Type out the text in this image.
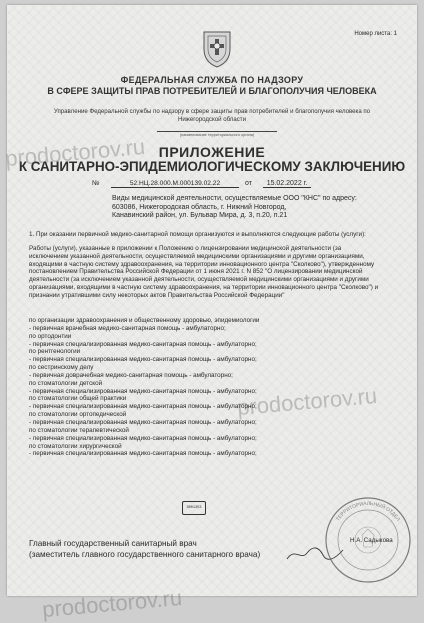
Номер листа: 1
ФЕДЕРАЛЬНАЯ СЛУЖБА ПО НАДЗОРУ
В СФЕРЕ ЗАЩИТЫ ПРАВ ПОТРЕБИТЕЛЕЙ И БЛАГОПОЛУЧИЯ ЧЕЛОВЕКА
Управление Федеральной службы по надзору в сфере защиты прав потребителей и благополучия человека по
Нижегородской области
(наименование территориального органа)
ПРИЛОЖЕНИЕ
К САНИТАРНО-ЭПИДЕМИОЛОГИЧЕСКОМУ ЗАКЛЮЧЕНИЮ
№	52.НЦ.28.000.М.000139.02.22	от	15.02.2022 г.
Виды медицинской деятельности, осуществляемые ООО "КНС" по адресу:
603086, Нижегородская область, г. Нижний Новгород,
Канавинский район, ул. Бульвар Мира, д. 3, п.20, п.21
1. При оказании первичной медико-санитарной помощи организуются и выполняются следующие работы (услуги):
Работы (услуги), указанные в приложении к Положению о лицензировании медицинской деятельности (за
исключением указанной деятельности, осуществляемой медицинскими организациями и другими организациями,
входящими в частную систему здравоохранения, на территории инновационного центра "Сколково"), утвержденному
постановлением Правительства Российской Федерации от 1 июня 2021 г. N 852 "О лицензировании медицинской
деятельности (за исключением указанной деятельности, осуществляемой медицинскими организациями и другими
организациями, входящими в частную систему здравоохранения, на территории инновационного центра "Сколково") и
признании утратившими силу некоторых актов Правительства Российской Федерации"
по организации здравоохранения и общественному здоровью, эпидемиологии
- первичная врачебная медико-санитарная помощь - амбулаторно;
по ортодонтии
- первичная специализированная медико-санитарная помощь - амбулаторно;
по рентгенологии
- первичная специализированная медико-санитарная помощь - амбулаторно;
по сестринскому делу
- первичная доврачебная медико-санитарная помощь - амбулаторно;
по стоматологии детской
- первичная специализированная медико-санитарная помощь - амбулаторно;
по стоматологии общей практики
- первичная специализированная медико-санитарная помощь - амбулаторно;
по стоматологии ортопедической
- первичная специализированная медико-санитарная помощь - амбулаторно;
по стоматологии терапевтической
- первичная специализированная медико-санитарная помощь - амбулаторно;
по стоматологии хирургической
- первичная специализированная медико-санитарная помощь - амбулаторно;
3001253
Главный государственный санитарный врач
(заместитель главного государственного санитарного врача)
ТЕРРИТОРИАЛЬНЫЙ ОТДЕЛ
Н.А. Садыкова
prodoctorov.ru
prodoctorov.ru
prodoctorov.ru
